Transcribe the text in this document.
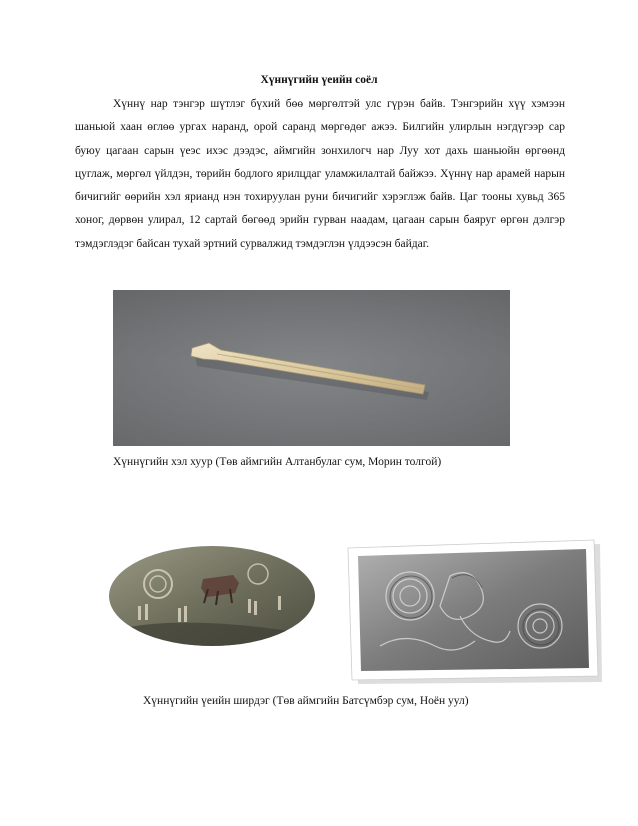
Хүннүгийн үеийн соёл

Хүннү нар тэнгэр шүтлэг бүхий бөө мөргөлтэй улс гүрэн байв. Тэнгэрийн хүү хэмээн шаньюй хаан өглөө ургах наранд, орой саранд мөргөдөг ажээ. Билгийн улирлын нэгдүгээр сар буюу цагаан сарын үеэс ихэс дээдэс, аймгийн зонхилогч нар Луу хот дахь шаньюйн өргөөнд цуглаж, мөргөл үйлдэн, төрийн бодлого ярилцдаг уламжилалтай байжээ. Хүннү нар арамей нарын бичигийг өөрийн хэл ярианд нэн тохируулан руни бичигийг хэрэглэж байв. Цаг тооны хувьд 365 хоног, дөрвөн улирал, 12 сартай бөгөөд эрийн гурван наадам, цагаан сарын баяруг өргөн дэлгэр тэмдэглэдэг байсан тухай эртний сурвалжид тэмдэглэн үлдээсэн байдаг.

Хүннүгийн хэл хуур (Төв аймгийн Алтанбулаг сум, Морин толгой)
Хүннүгийн үеийн ширдэг (Төв аймгийн Батсүмбэр сум, Ноён уул)
